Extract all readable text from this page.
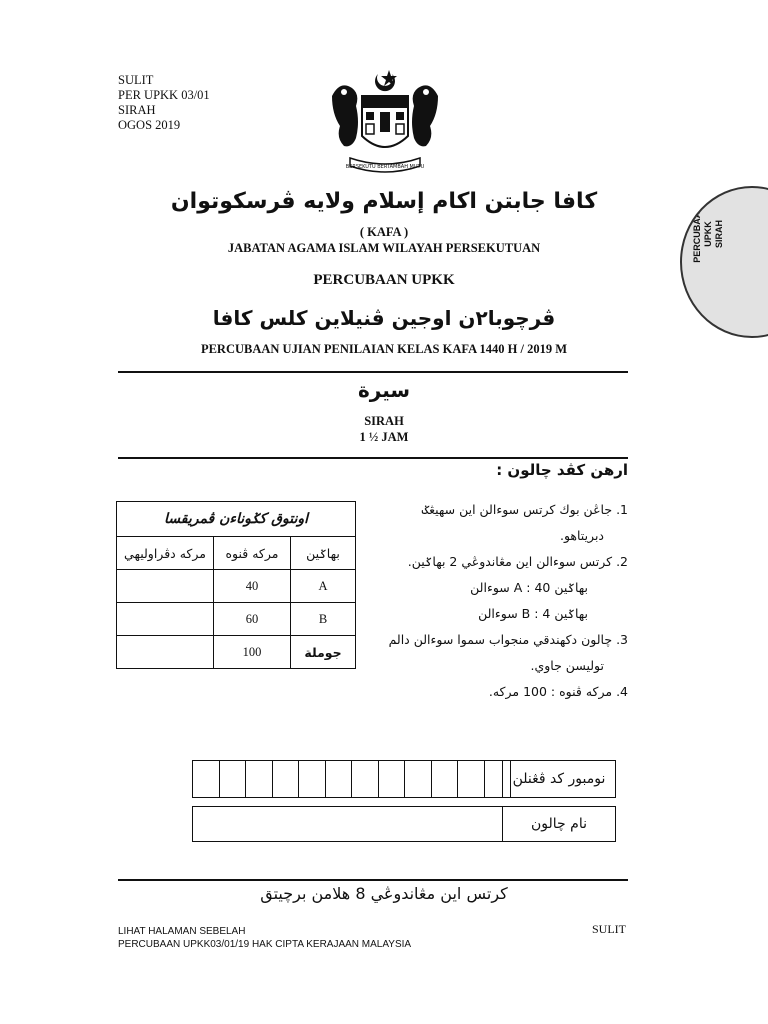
SULIT
PER UPKK 03/01
SIRAH
OGOS 2019
BERSEKUTU BERTAMBAH MUTU
كافا جابتن اكام إسلام ولايه ڤرسكوتوان
( KAFA )
JABATAN AGAMA ISLAM WILAYAH PERSEKUTUAN
PERCUBAAN UPKK
ڤرچوبا٢ن اوجين ڤنيلاين كلس كافا
PERCUBAAN UJIAN PENILAIAN KELAS KAFA 1440 H / 2019 M
سيرة
SIRAH
1 ½ JAM
PERCUBAAN UPKK SIRAH
ارهن كڤد چالون :
1. جاڠن بوك كرتس سوءالن اين سهيڠݢ
دبريتاهو.
2. كرتس سوءالن اين مڠاندوڠي 2 بهاݢين.
بهاݢين A : 40 سوءالن
بهاݢين B : 4 سوءالن
3. چالون دكهندقي منجواب سموا سوءالن دالم
توليسن جاوي.
4. مركه ڤنوه : 100 مركه.
اونتوق كݢوناءن ڤمريقسا		
مركه دڤراوليهي	مركه ڤنوه	بهاݢين
	40	A
	60	B
	100	جوملة
نومبور كد ڤڠنلن
نام چالون
كرتس اين مڠاندوڠي 8 هلامن برچيتق
LIHAT HALAMAN SEBELAH
PERCUBAAN UPKK03/01/19 HAK CIPTA KERAJAAN MALAYSIA
SULIT
